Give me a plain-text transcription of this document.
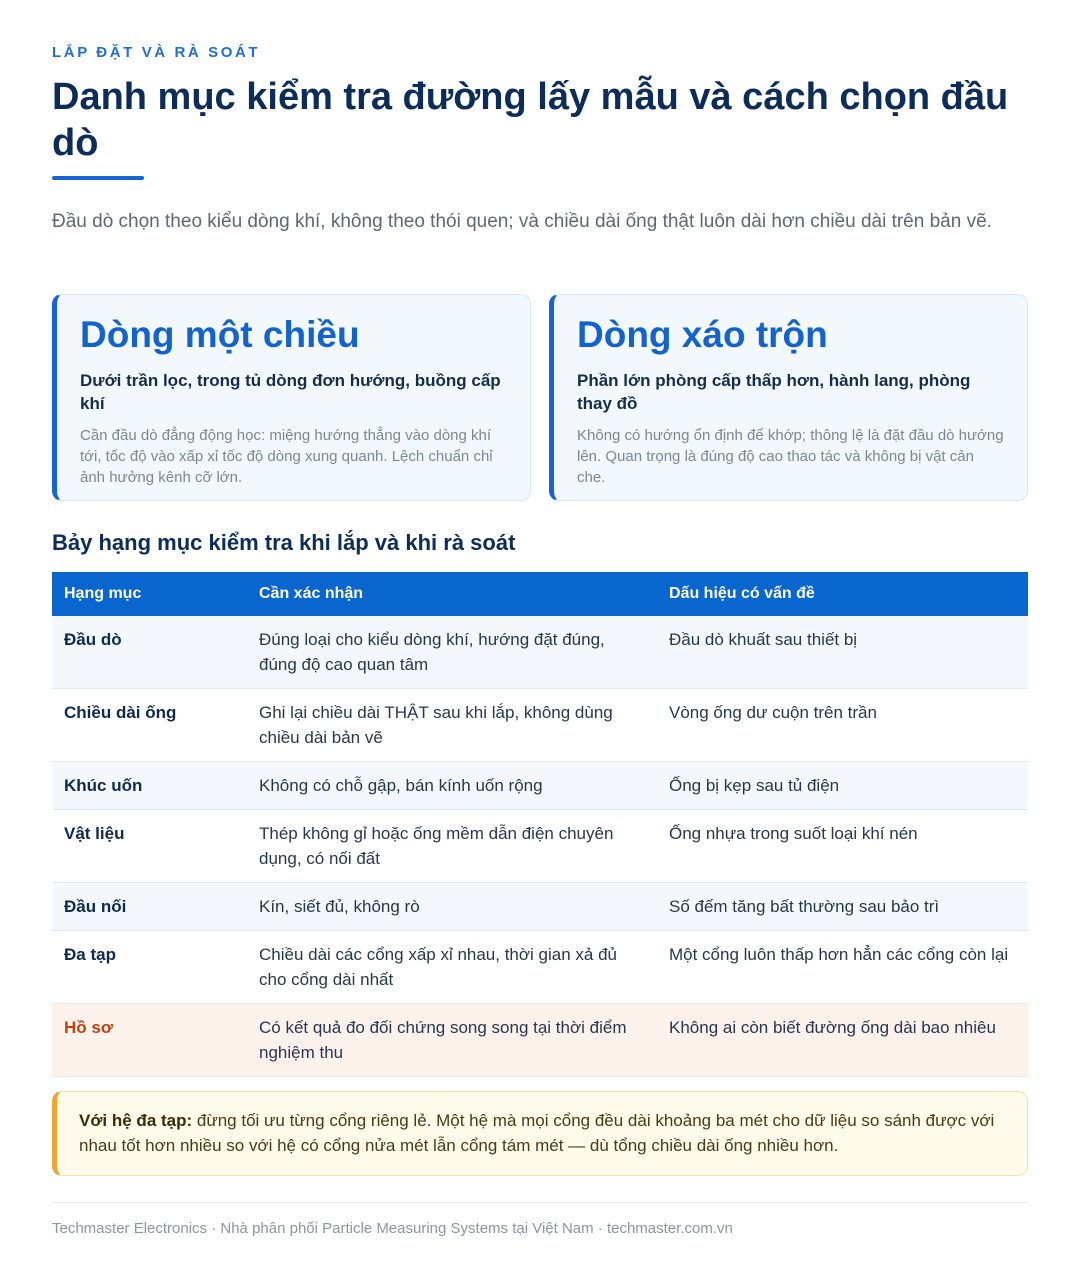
LẮP ĐẶT VÀ RÀ SOÁT
Danh mục kiểm tra đường lấy mẫu và cách chọn đầu dò

Đầu dò chọn theo kiểu dòng khí, không theo thói quen; và chiều dài ống thật luôn dài hơn chiều dài trên bản vẽ.

Dòng một chiều
Dưới trần lọc, trong tủ dòng đơn hướng, buồng cấp khí
Cần đầu dò đẳng động học: miệng hướng thẳng vào dòng khí tới, tốc độ vào xấp xỉ tốc độ dòng xung quanh. Lệch chuẩn chỉ ảnh hưởng kênh cỡ lớn.
Dòng xáo trộn
Phần lớn phòng cấp thấp hơn, hành lang, phòng thay đồ
Không có hướng ổn định để khớp; thông lệ là đặt đầu dò hướng lên. Quan trọng là đúng độ cao thao tác và không bị vật cản che.
Bảy hạng mục kiểm tra khi lắp và khi rà soát
Hạng mục	Cần xác nhận	Dấu hiệu có vấn đề
Đầu dò	Đúng loại cho kiểu dòng khí, hướng đặt đúng, đúng độ cao quan tâm	Đầu dò khuất sau thiết bị
Chiều dài ống	Ghi lại chiều dài THẬT sau khi lắp, không dùng chiều dài bản vẽ	Vòng ống dư cuộn trên trần
Khúc uốn	Không có chỗ gập, bán kính uốn rộng	Ống bị kẹp sau tủ điện
Vật liệu	Thép không gỉ hoặc ống mềm dẫn điện chuyên dụng, có nối đất	Ống nhựa trong suốt loại khí nén
Đầu nối	Kín, siết đủ, không rò	Số đếm tăng bất thường sau bảo trì
Đa tạp	Chiều dài các cổng xấp xỉ nhau, thời gian xả đủ cho cổng dài nhất	Một cổng luôn thấp hơn hẳn các cổng còn lại
Hồ sơ	Có kết quả đo đối chứng song song tại thời điểm nghiệm thu	Không ai còn biết đường ống dài bao nhiêu
Với hệ đa tạp: đừng tối ưu từng cổng riêng lẻ. Một hệ mà mọi cổng đều dài khoảng ba mét cho dữ liệu so sánh được với nhau tốt hơn nhiều so với hệ có cổng nửa mét lẫn cổng tám mét — dù tổng chiều dài ống nhiều hơn.
Techmaster Electronics · Nhà phân phối Particle Measuring Systems tại Việt Nam · techmaster.com.vn
